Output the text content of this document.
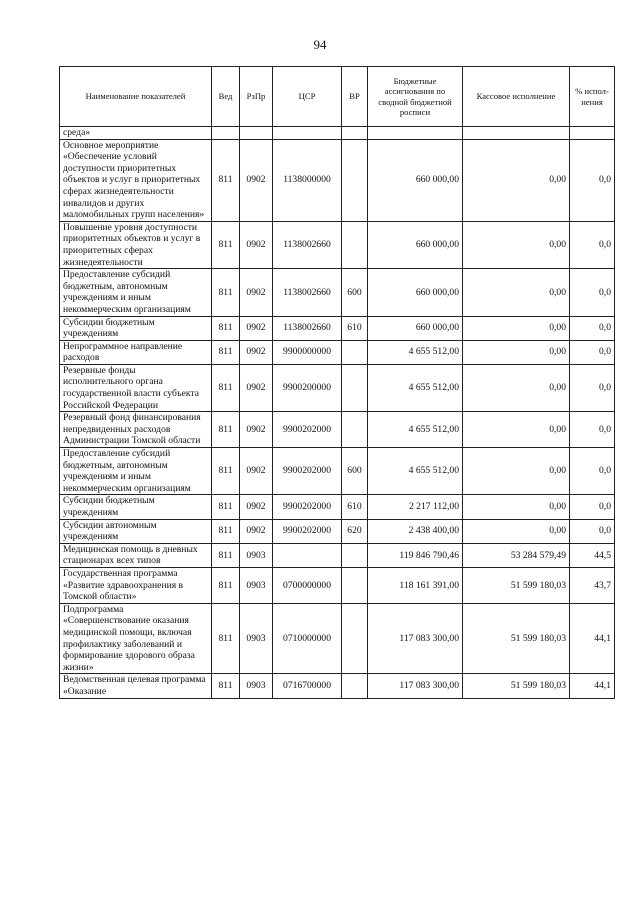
94
Наименование показателей	Вед	РзПр	ЦСР	ВР	Бюджетные ассигнования по сводной бюджетной росписи	Кассовое исполнение	% испол-нения
среда»							
Основное мероприятие «Обеспечение условий доступности приоритетных объектов и услуг в приоритетных сферах жизнедеятельности инвалидов и других маломобильных групп населения»	811	0902	1138000000		660 000,00	0,00	0,0
Повышение уровня доступности приоритетных объектов и услуг в приоритетных сферах жизнедеятельности	811	0902	1138002660		660 000,00	0,00	0,0
Предоставление субсидий бюджетным, автономным учреждениям и иным некоммерческим организациям	811	0902	1138002660	600	660 000,00	0,00	0,0
Субсидии бюджетным учреждениям	811	0902	1138002660	610	660 000,00	0,00	0,0
Непрограммное направление расходов	811	0902	9900000000		4 655 512,00	0,00	0,0
Резервные фонды исполнительного органа государственной власти субъекта Российской Федерации	811	0902	9900200000		4 655 512,00	0,00	0,0
Резервный фонд финансирования непредвиденных расходов Администрации Томской области	811	0902	9900202000		4 655 512,00	0,00	0,0
Предоставление субсидий бюджетным, автономным учреждениям и иным некоммерческим организациям	811	0902	9900202000	600	4 655 512,00	0,00	0,0
Субсидии бюджетным учреждениям	811	0902	9900202000	610	2 217 112,00	0,00	0,0
Субсидии автономным учреждениям	811	0902	9900202000	620	2 438 400,00	0,00	0,0
Медицинская помощь в дневных стационарах всех типов	811	0903			119 846 790,46	53 284 579,49	44,5
Государственная программа «Развитие здравоохранения в Томской области»	811	0903	0700000000		118 161 391,00	51 599 180,03	43,7
Подпрограмма «Совершенствование оказания медицинской помощи, включая профилактику заболеваний и формирование здорового образа жизни»	811	0903	0710000000		117 083 300,00	51 599 180,03	44,1
Ведомственная целевая программа «Оказание	811	0903	0716700000		117 083 300,00	51 599 180,03	44,1
